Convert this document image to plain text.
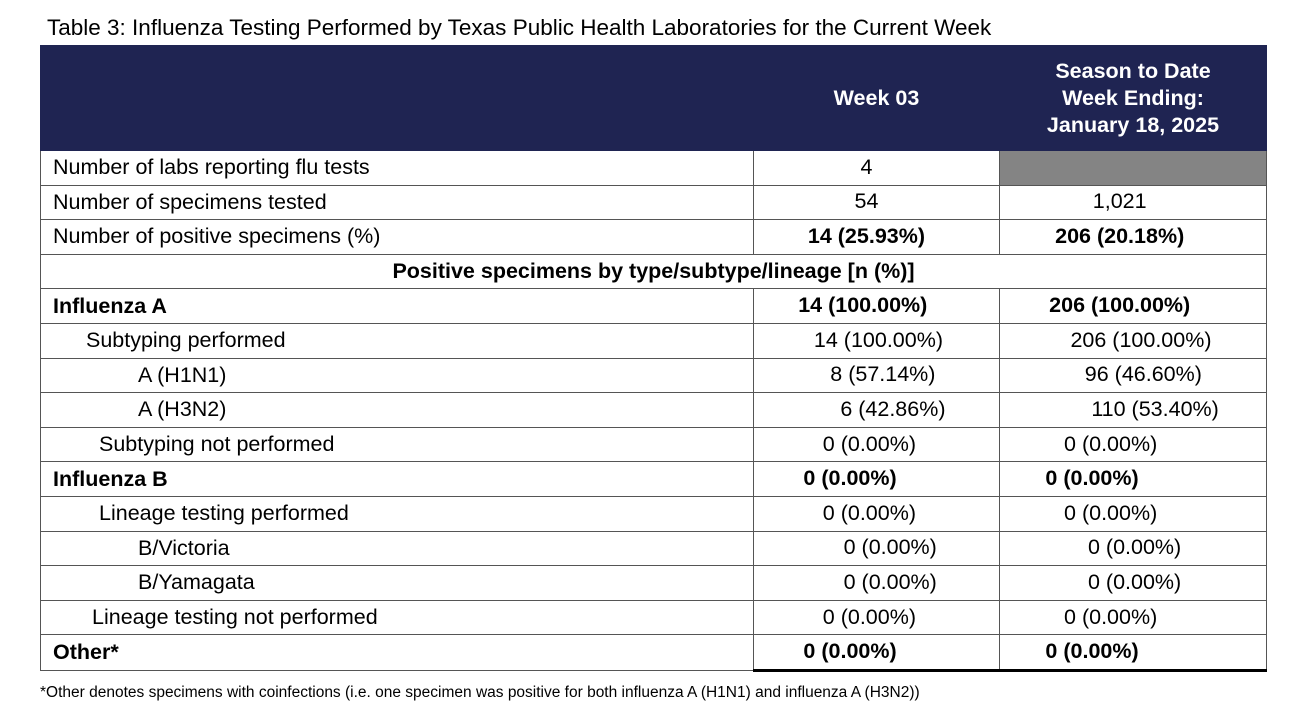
Table 3: Influenza Testing Performed by Texas Public Health Laboratories for the Current Week
	Week 03	Season to Date
Week Ending:
January 18, 2025

Number of labs reporting flu tests	4	

Number of specimens tested	54	1,021

Number of positive specimens (%)	14 (25.93%)	206 (20.18%)

Positive specimens by type/subtype/lineage [n (%)]		
Influenza A	14 (100.00%)	206 (100.00%)

Subtyping performed	14 (100.00%)	206 (100.00%)

A (H1N1)	8 (57.14%)	96 (46.60%)

A (H3N2)	6 (42.86%)	110 (53.40%)

Subtyping not performed	0 (0.00%)	0 (0.00%)

Influenza B	0 (0.00%)	0 (0.00%)

Lineage testing performed	0 (0.00%)	0 (0.00%)

B/Victoria	0 (0.00%)	0 (0.00%)

B/Yamagata	0 (0.00%)	0 (0.00%)

Lineage testing not performed	0 (0.00%)	0 (0.00%)

Other*	0 (0.00%)	0 (0.00%)
*Other denotes specimens with coinfections (i.e. one specimen was positive for both influenza A (H1N1) and influenza A (H3N2))
